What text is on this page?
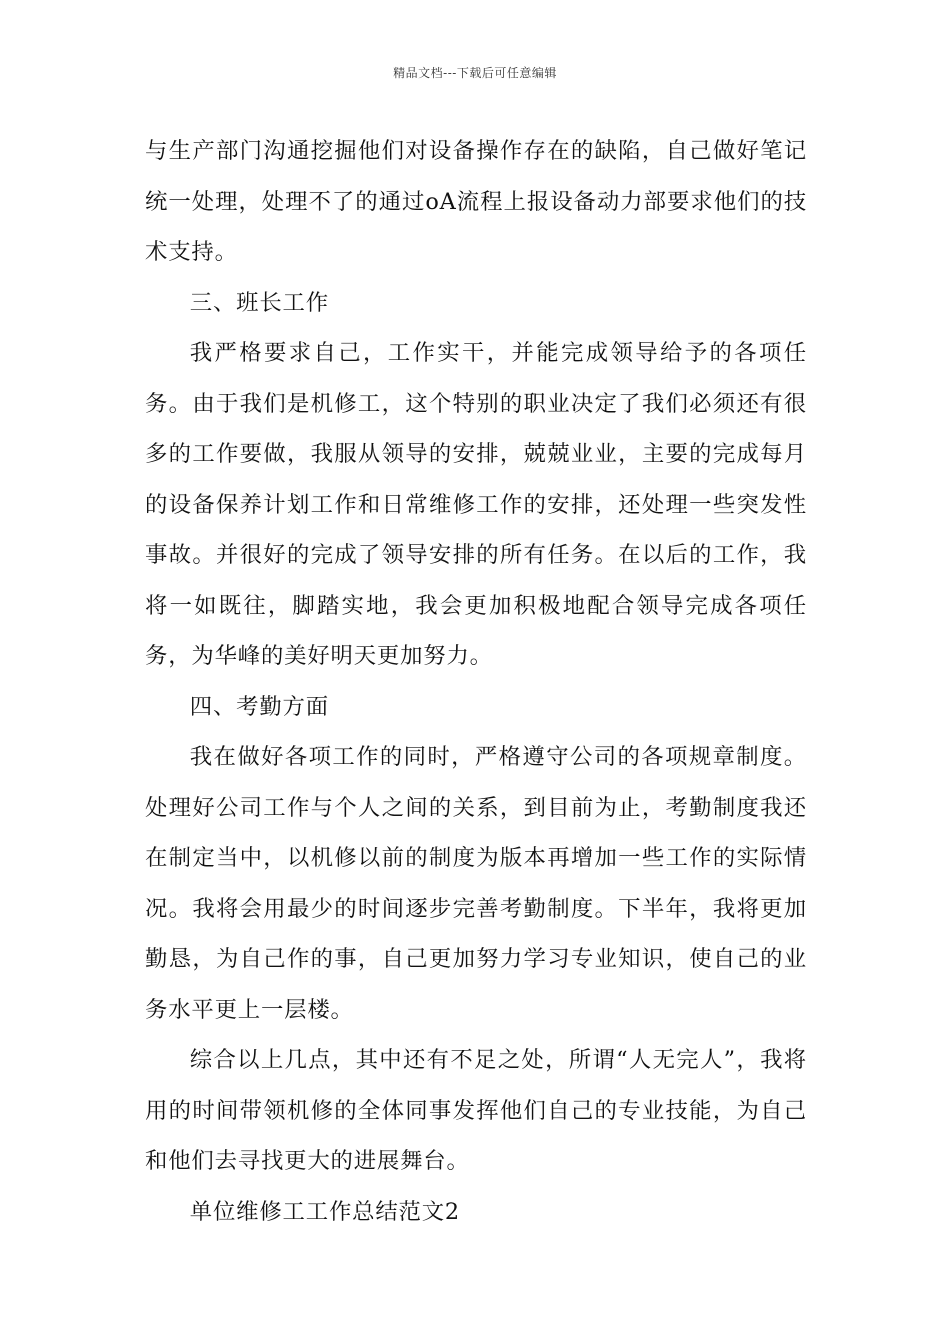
精品文档---下载后可任意编辑

与生产部门沟通挖掘他们对设备操作存在的缺陷，自己做好笔记统一处理，处理不了的通过oA流程上报设备动力部要求他们的技术支持。

三、班长工作

我严格要求自己，工作实干，并能完成领导给予的各项任务。由于我们是机修工，这个特别的职业决定了我们必须还有很多的工作要做，我服从领导的安排，兢兢业业，主要的完成每月的设备保养计划工作和日常维修工作的安排，还处理一些突发性事故。并很好的完成了领导安排的所有任务。在以后的工作，我将一如既往，脚踏实地，我会更加积极地配合领导完成各项任务，为华峰的美好明天更加努力。

四、考勤方面

我在做好各项工作的同时，严格遵守公司的各项规章制度。处理好公司工作与个人之间的关系，到目前为止，考勤制度我还在制定当中，以机修以前的制度为版本再增加一些工作的实际情况。我将会用最少的时间逐步完善考勤制度。下半年，我将更加勤恳，为自己作的事，自己更加努力学习专业知识，使自己的业务水平更上一层楼。

综合以上几点，其中还有不足之处，所谓“人无完人”，我将用的时间带领机修的全体同事发挥他们自己的专业技能，为自己和他们去寻找更大的进展舞台。

单位维修工工作总结范文2
